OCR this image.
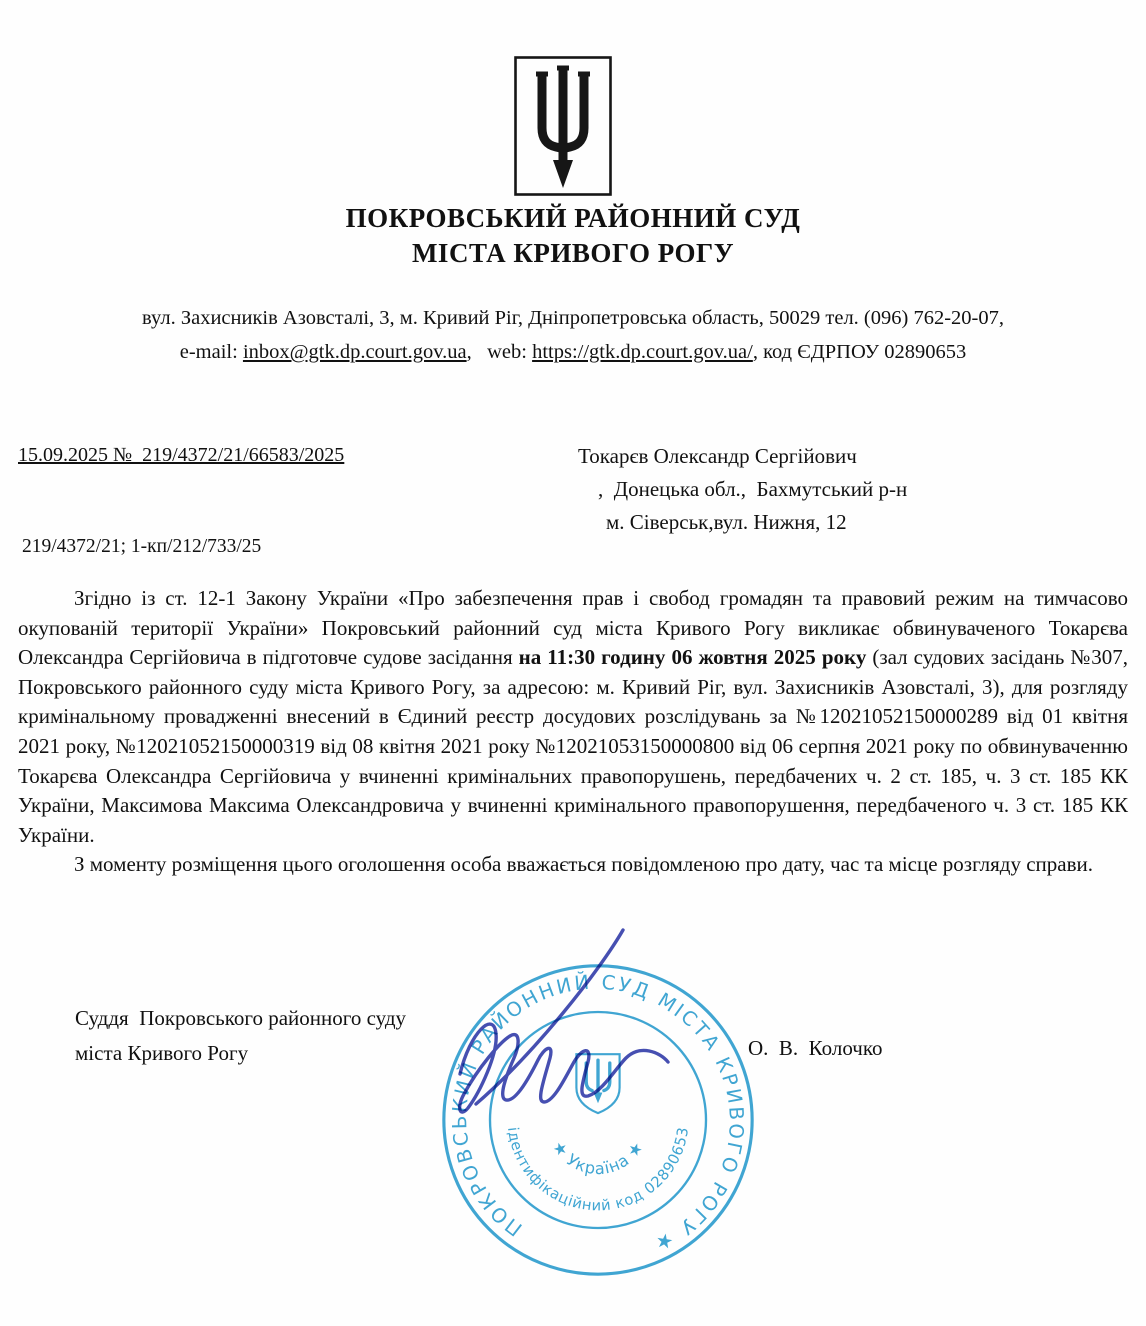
ПОКРОВСЬКИЙ РАЙОННИЙ СУД
МІСТА КРИВОГО РОГУ
вул. Захисників Азовсталі, 3, м. Кривий Ріг, Дніпропетровська область, 50029 тел. (096) 762-20-07,
e-mail: inbox@gtk.dp.court.gov.ua,   web: https://gtk.dp.court.gov.ua/, код ЄДРПОУ 02890653
15.09.2025 №  219/4372/21/66583/2025	Токарєв Олександр Сергійович
,  Донецька обл.,  Бахмутський р-н
м. Сіверськ,вул. Нижня, 12
219/4372/21; 1-кп/212/733/25

Згідно із ст. 12-1 Закону України «Про забезпечення прав і свобод громадян та правовий режим на тимчасово окупованій території України» Покровський районний суд міста Кривого Рогу викликає обвинуваченого Токарєва Олександра Сергійовича в підготовче судове засідання на 11:30 годину 06 жовтня 2025 року (зал судових засідань №307, Покровського районного суду міста Кривого Рогу, за адресою: м. Кривий Ріг, вул. Захисників Азовсталі, 3), для розгляду кримінальному провадженні внесений в Єдиний реєстр досудових розслідувань за №12021052150000289 від 01 квітня 2021 року, №12021052150000319 від 08 квітня 2021 року №12021053150000800 від 06 серпня 2021 року по обвинуваченню Токарєва Олександра Сергійовича у вчиненні кримінальних правопорушень, передбачених ч. 2 ст. 185, ч. 3 ст. 185 КК України, Максимова Максима Олександровича у вчиненні кримінального правопорушення, передбаченого ч. 3 ст. 185 КК України.

З моменту розміщення цього оголошення особа вважається повідомленою про дату, час та місце розгляду справи.

Суддя  Покровського районного суду
міста Кривого Рогу	О.  В.  Колочко
ПОКРОВСЬКИЙ РАЙОННИЙ СУД МІСТА КРИВОГО РОГУ ★
ідентифікаційний код 02890653
★ Україна ★
